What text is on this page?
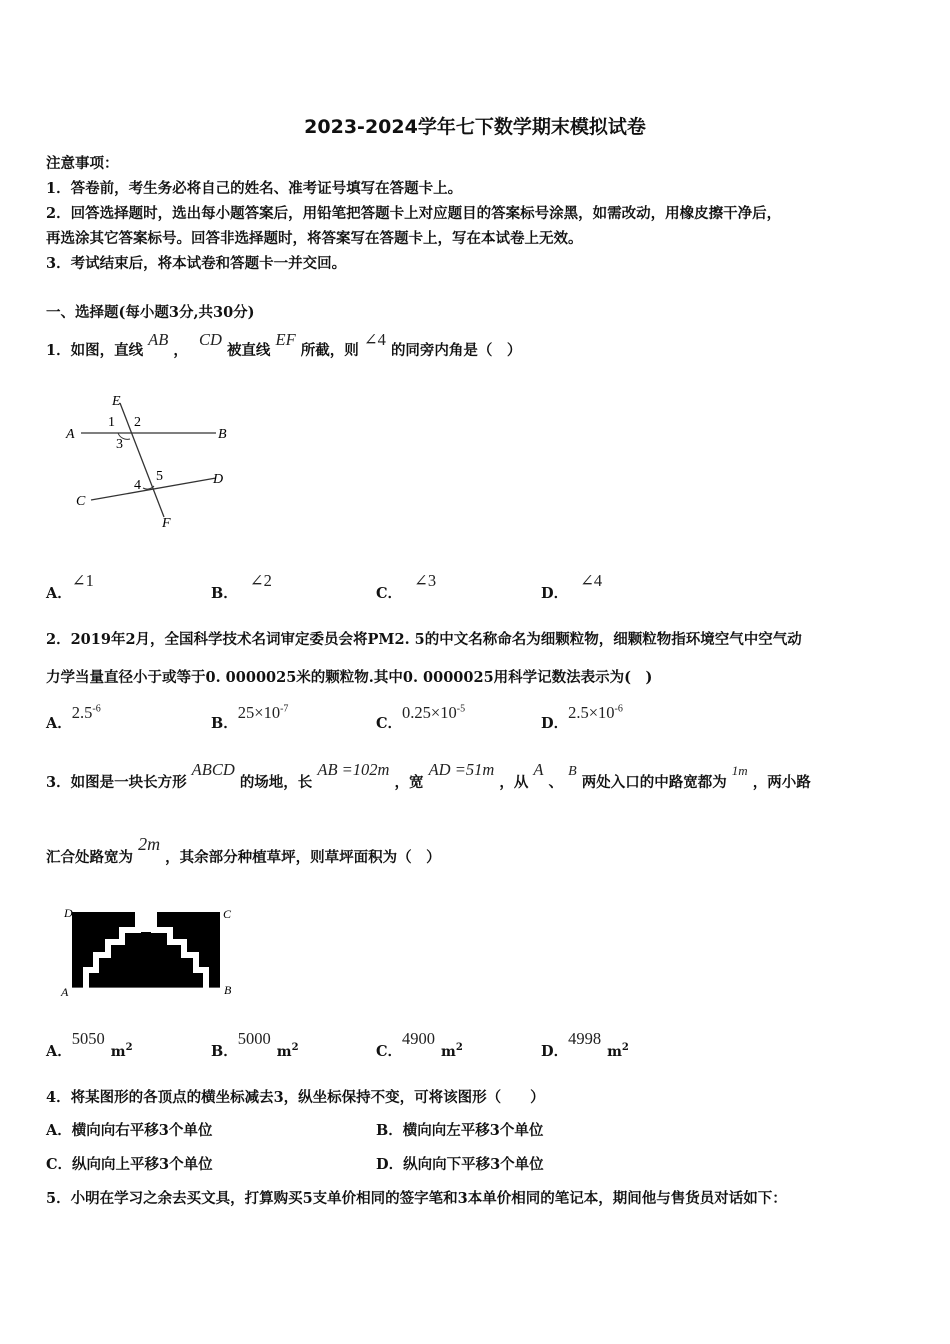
2023-2024学年七下数学期末模拟试卷
注意事项：
1．答卷前，考生务必将自己的姓名、准考证号填写在答题卡上。
2．回答选择题时，选出每小题答案后，用铅笔把答题卡上对应题目的答案标号涂黑，如需改动，用橡皮擦干净后，
再选涂其它答案标号。回答非选择题时，将答案写在答题卡上，写在本试卷上无效。
3．考试结束后，将本试卷和答题卡一并交回。
一、选择题(每小题3分,共30分)
1．如图，直线 AB ， CD 被直线 EF 所截，则 ∠4 的同旁内角是（　）
E
F
A	B
C
D
1 2
3
4
5
A．∠1
B．∠2
C．∠3
D．∠4
2．2019年2月，全国科学技术名词审定委员会将PM2. 5的中文名称命名为细颗粒物，细颗粒物指环境空气中空气动
力学当量直径小于或等于0. 0000025米的颗粒物.其中0. 0000025用科学记数法表示为(　)
A．$2.5^{-6}$
B．$25\times 10^{-7}$
C．$0.25\times 10^{-5}$
D．$2.5\times 10^{-6}$
3．如图是一块长方形 ABCD 的场地，长 AB =102m ，宽 AD =51m ，从 A 、 B 两处入口的中路宽都为 1m ，两小路
汇合处路宽为 2m ，其余部分种植草坪，则草坪面积为（　）
D	C
A	B
A．$5050m^2$	B．$5000m^2$	C．$4900m^2$	D．$4998m^2$
4．将某图形的各顶点的横坐标减去3，纵坐标保持不变，可将该图形（　　）
A．横向向右平移3个单位	B．横向向左平移3个单位
C．纵向向上平移3个单位	D．纵向向下平移3个单位
5．小明在学习之余去买文具，打算购买5支单价相同的签字笔和3本单价相同的笔记本，期间他与售货员对话如下：
